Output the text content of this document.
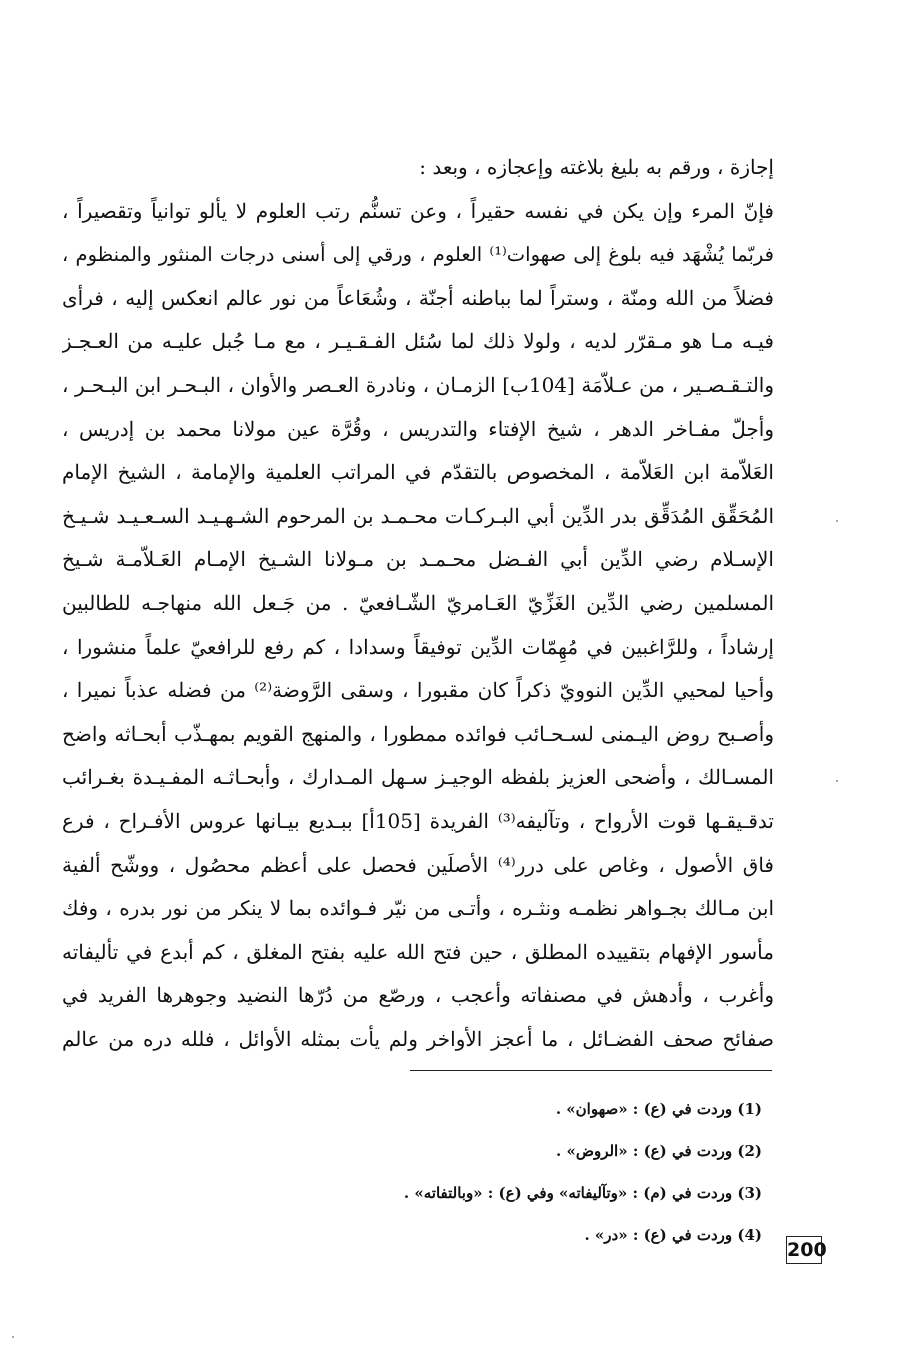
إجازة ، ورقم به بليغ بلاغته وإعجازه ، وبعد :
فإنّ المرء وإن يكن في نفسه حقيراً ، وعن تسنُّم رتب العلوم لا يألو توانياً وتقصيراً ،
فربّما يُشْهَد فيه بلوغ إلى صهوات⁽¹⁾ العلوم ، ورقي إلى أسنى درجات المنثور والمنظوم ،
فضلاً من الله ومنّة ، وستراً لما بباطنه أجنّة ، وشُعَاعاً من نور عالم انعكس إليه ، فرأى
فيـه مـا هو مـقرّر لديه ، ولولا ذلك لما سُئل الفـقـيـر ، مع مـا جُبل عليـه من العـجـز
والتـقـصـير ، من عـلاّمَة [104ب] الزمـان ، ونادرة العـصر والأوان ، البـحـر ابن البـحـر ،
وأجلّ مفـاخر الدهر ، شيخ الإفتاء والتدريس ، وقُرَّة عين مولانا محمد بن إدريس ،
العَلاّمة ابن العَلاّمة ، المخصوص بالتقدّم في المراتب العلمية والإمامة ، الشيخ الإمام
المُحَقِّق المُدَقِّق بدر الدِّين أبي البـركـات محـمـد بن المرحوم الشـهـيـد السـعـيـد شـيـخ
الإسـلام رضي الدِّين أبي الفـضل محـمـد بن مـولانا الشـيخ الإمـام العَـلاّمـة شـيخ
المسلمين رضي الدِّين الغَزِّيّ العَـامريّ الشّـافعيّ . من جَـعل الله منهاجـه للطالبين
إرشاداً ، وللرَّاغبين في مُهِمّات الدِّين توفيقاً وسدادا ، كم رفع للرافعيّ علماً منشورا ،
وأحيا لمحيي الدِّين النوويّ ذكراً كان مقبورا ، وسقى الرَّوضة⁽²⁾ من فضله عذباً نميرا ،
وأصـبح روض اليـمنى لسـحـائب فوائده ممطورا ، والمنهج القويم بمهـذّب أبحـاثه واضح
المسـالك ، وأضحى العزيز بلفظه الوجيـز سـهل المـدارك ، وأبحـاثـه المفـيـدة بغـرائب
تدقـيقـها قوت الأرواح ، وتآليفه⁽³⁾ الفريدة [105أ] ببـديع بيـانها عروس الأفـراح ، فرع
فاق الأصول ، وغاص على درر⁽⁴⁾ الأصلَين فحصل على أعظم محصُول ، ووشّح ألفية
ابن مـالك بجـواهر نظمـه ونثـره ، وأتـى من نيّر فـوائده بما لا ينكر من نور بدره ، وفك
مأسور الإفهام بتقييده المطلق ، حين فتح الله عليه بفتح المغلق ، كم أبدع في تأليفاته
وأغرب ، وأدهش في مصنفاته وأعجب ، ورصّع من دُرّها النضيد وجوهرها الفريد في
صفائح صحف الفضـائل ، ما أعجز الأواخر ولم يأت بمثله الأوائل ، فلله دره من عالم
(1) وردت في (ع) : «صهوان» .
(2) وردت في (ع) : «الروض» .
(3) وردت في (م) : «وتآليفاته» وفي (ع) : «وبالتفاته» .
(4) وردت في (ع) : «در» .
200
